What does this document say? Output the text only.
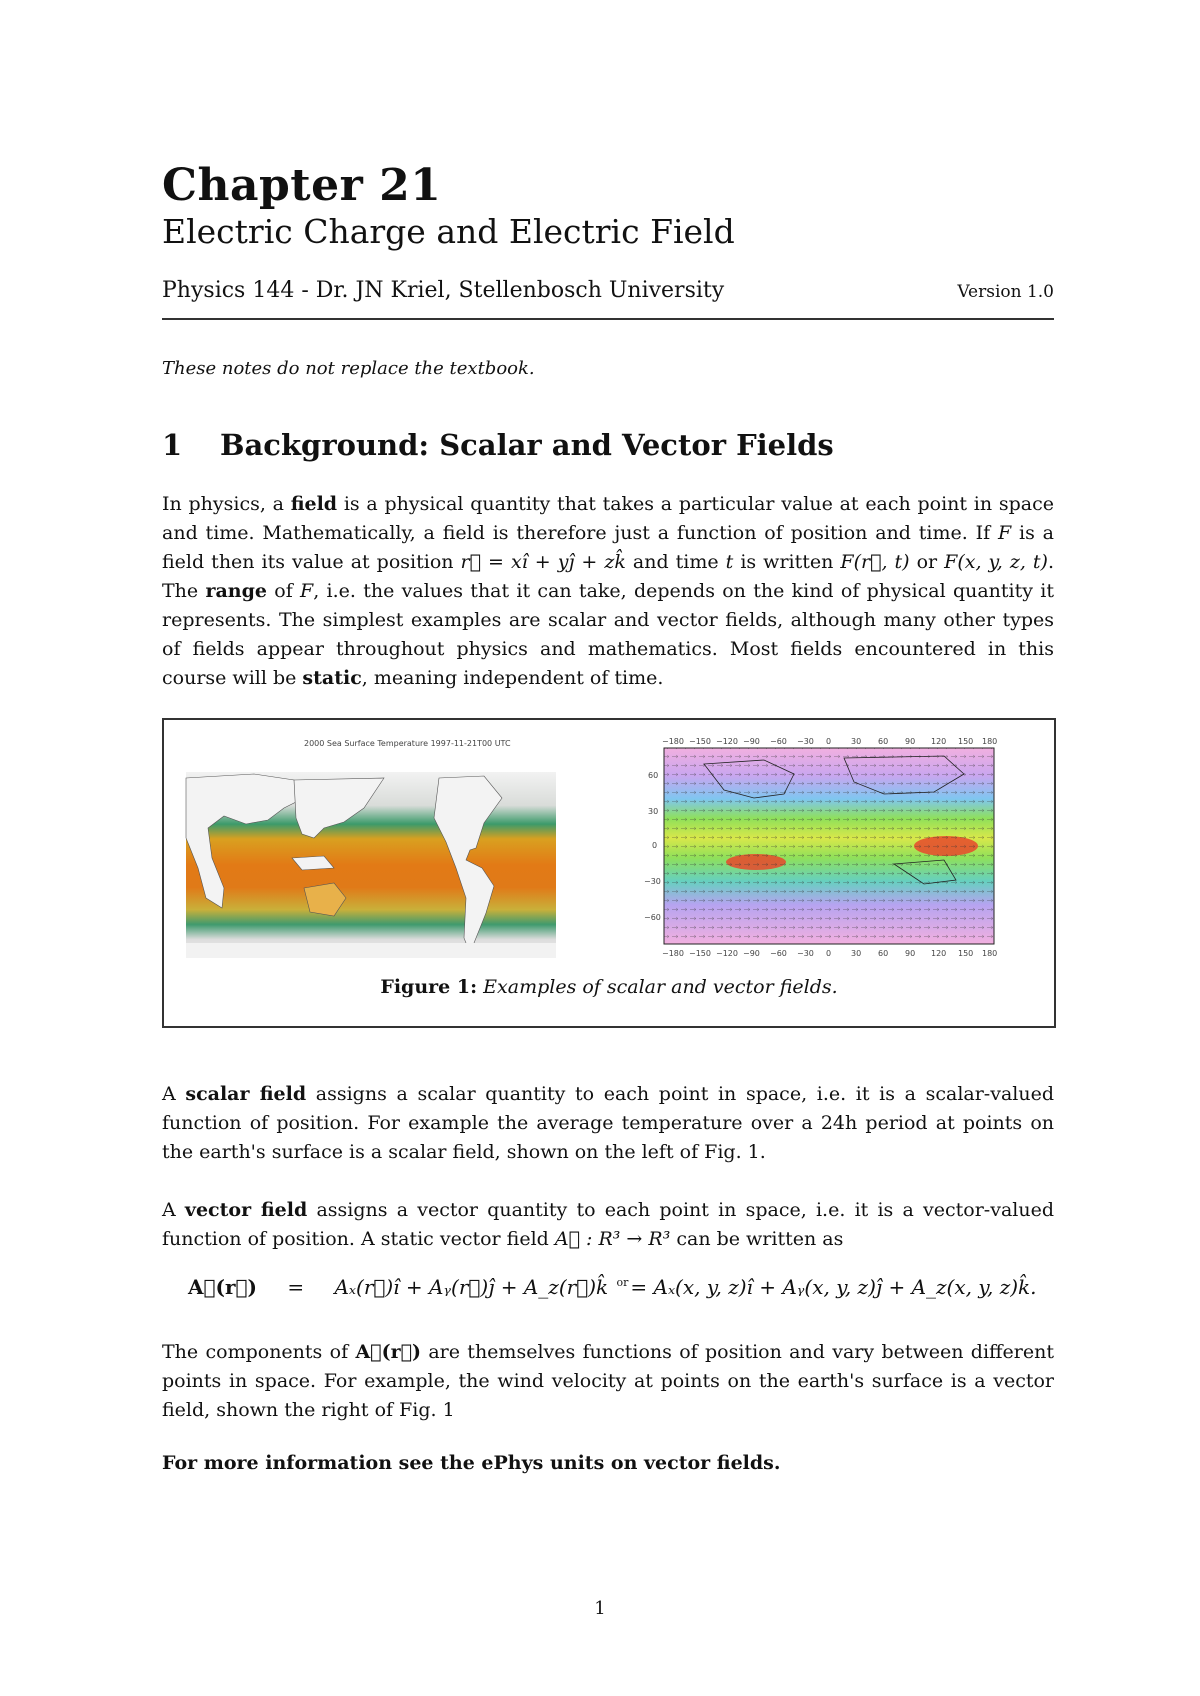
Chapter 21
Electric Charge and Electric Field
Physics 144 - Dr. JN Kriel, Stellenbosch University	Version 1.0
These notes do not replace the textbook.
1 Background: Scalar and Vector Fields
In physics, a field is a physical quantity that takes a particular value at each point in space and time. Mathematically, a field is therefore just a function of position and time. If F is a field then its value at position r⃗ = xî + yĵ + zk̂ and time t is written F(r⃗, t) or F(x, y, z, t). The range of F, i.e. the values that it can take, depends on the kind of physical quantity it represents. The simplest examples are scalar and vector fields, although many other types of fields appear throughout physics and mathematics. Most fields encountered in this course will be static, meaning independent of time.
2000 Sea Surface Temperature 1997-11-21T00 UTC	−180 −150 −120 −90 −60 −30 0 30 60 90 120 150 180
−180 −150 −120 −90 −60 −30 0 30 60 90 120 150 180
60
30
0
−30
−60
Figure 1: Examples of scalar and vector fields.
A scalar field assigns a scalar quantity to each point in space, i.e. it is a scalar-valued function of position. For example the average temperature over a 24h period at points on the earth's surface is a scalar field, shown on the left of Fig. 1.
A vector field assigns a vector quantity to each point in space, i.e. it is a vector-valued function of position. A static vector field A⃗ : R³ → R³ can be written as
A⃗(r⃗) = Aₓ(r⃗)î + Aᵧ(r⃗)ĵ + A_z(r⃗)k̂ $^{or}$ = Aₓ(x, y, z)î + Aᵧ(x, y, z)ĵ + A_z(x, y, z)k̂.
The components of A⃗(r⃗) are themselves functions of position and vary between different points in space. For example, the wind velocity at points on the earth's surface is a vector field, shown the right of Fig. 1
For more information see the ePhys units on vector fields.
1
